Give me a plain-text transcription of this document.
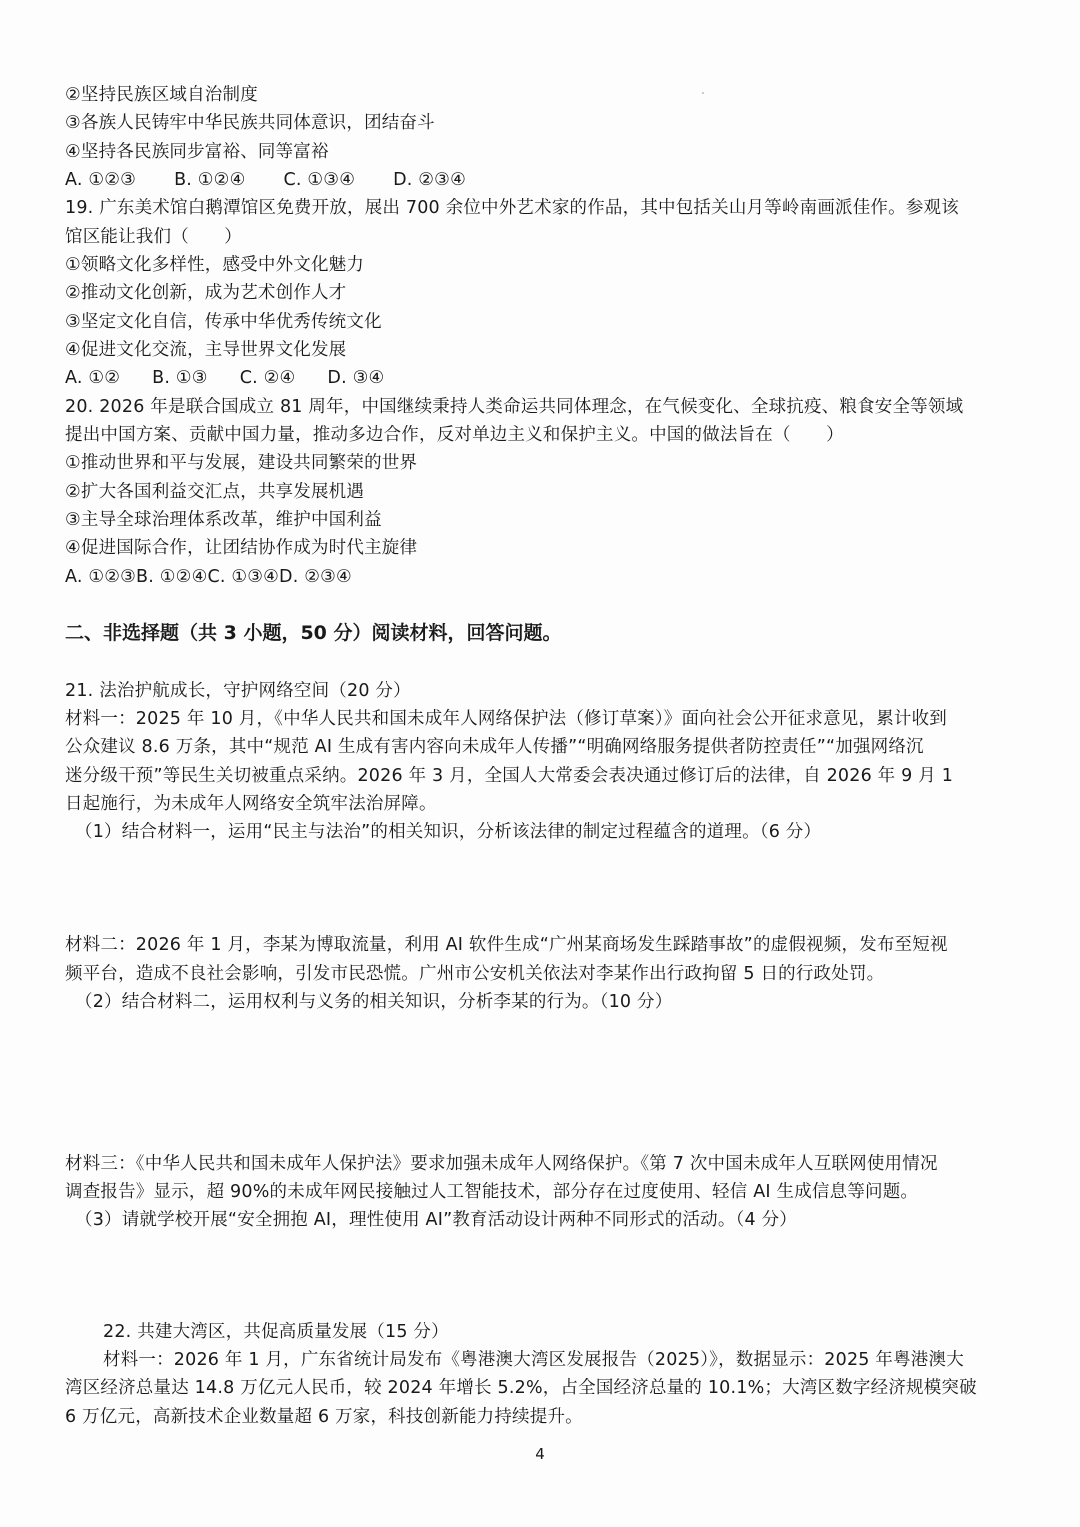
②坚持民族区域自治制度
③各族人民铸牢中华民族共同体意识，团结奋斗
④坚持各民族同步富裕、同等富裕
A. ①②③ B. ①②④ C. ①③④ D. ②③④
19. 广东美术馆白鹅潭馆区免费开放，展出 700 余位中外艺术家的作品，其中包括关山月等岭南画派佳作。参观该
馆区能让我们（　　）
①领略文化多样性，感受中外文化魅力
②推动文化创新，成为艺术创作人才
③坚定文化自信，传承中华优秀传统文化
④促进文化交流，主导世界文化发展
A. ①② B. ①③ C. ②④ D. ③④
20. 2026 年是联合国成立 81 周年，中国继续秉持人类命运共同体理念，在气候变化、全球抗疫、粮食安全等领域
提出中国方案、贡献中国力量，推动多边合作，反对单边主义和保护主义。中国的做法旨在（　　）
①推动世界和平与发展，建设共同繁荣的世界
②扩大各国利益交汇点，共享发展机遇
③主导全球治理体系改革，维护中国利益
④促进国际合作，让团结协作成为时代主旋律
A. ①②③B. ①②④C. ①③④D. ②③④
二、非选择题（共 3 小题，50 分）阅读材料，回答问题。
21. 法治护航成长，守护网络空间（20 分）
材料一：2025 年 10 月，《中华人民共和国未成年人网络保护法（修订草案）》面向社会公开征求意见，累计收到
公众建议 8.6 万条，其中“规范 AI 生成有害内容向未成年人传播”“明确网络服务提供者防控责任”“加强网络沉
迷分级干预”等民生关切被重点采纳。2026 年 3 月，全国人大常委会表决通过修订后的法律，自 2026 年 9 月 1
日起施行，为未成年人网络安全筑牢法治屏障。
（1）结合材料一，运用“民主与法治”的相关知识，分析该法律的制定过程蕴含的道理。（6 分）
材料二：2026 年 1 月，李某为博取流量，利用 AI 软件生成“广州某商场发生踩踏事故”的虚假视频，发布至短视
频平台，造成不良社会影响，引发市民恐慌。广州市公安机关依法对李某作出行政拘留 5 日的行政处罚。
（2）结合材料二，运用权利与义务的相关知识，分析李某的行为。（10 分）
材料三：《中华人民共和国未成年人保护法》要求加强未成年人网络保护。《第 7 次中国未成年人互联网使用情况
调查报告》显示，超 90%的未成年网民接触过人工智能技术，部分存在过度使用、轻信 AI 生成信息等问题。
（3）请就学校开展“安全拥抱 AI，理性使用 AI”教育活动设计两种不同形式的活动。（4 分）
22. 共建大湾区，共促高质量发展（15 分）
材料一：2026 年 1 月，广东省统计局发布《粤港澳大湾区发展报告（2025）》，数据显示：2025 年粤港澳大
湾区经济总量达 14.8 万亿元人民币，较 2024 年增长 5.2%，占全国经济总量的 10.1%；大湾区数字经济规模突破
6 万亿元，高新技术企业数量超 6 万家，科技创新能力持续提升。
4
